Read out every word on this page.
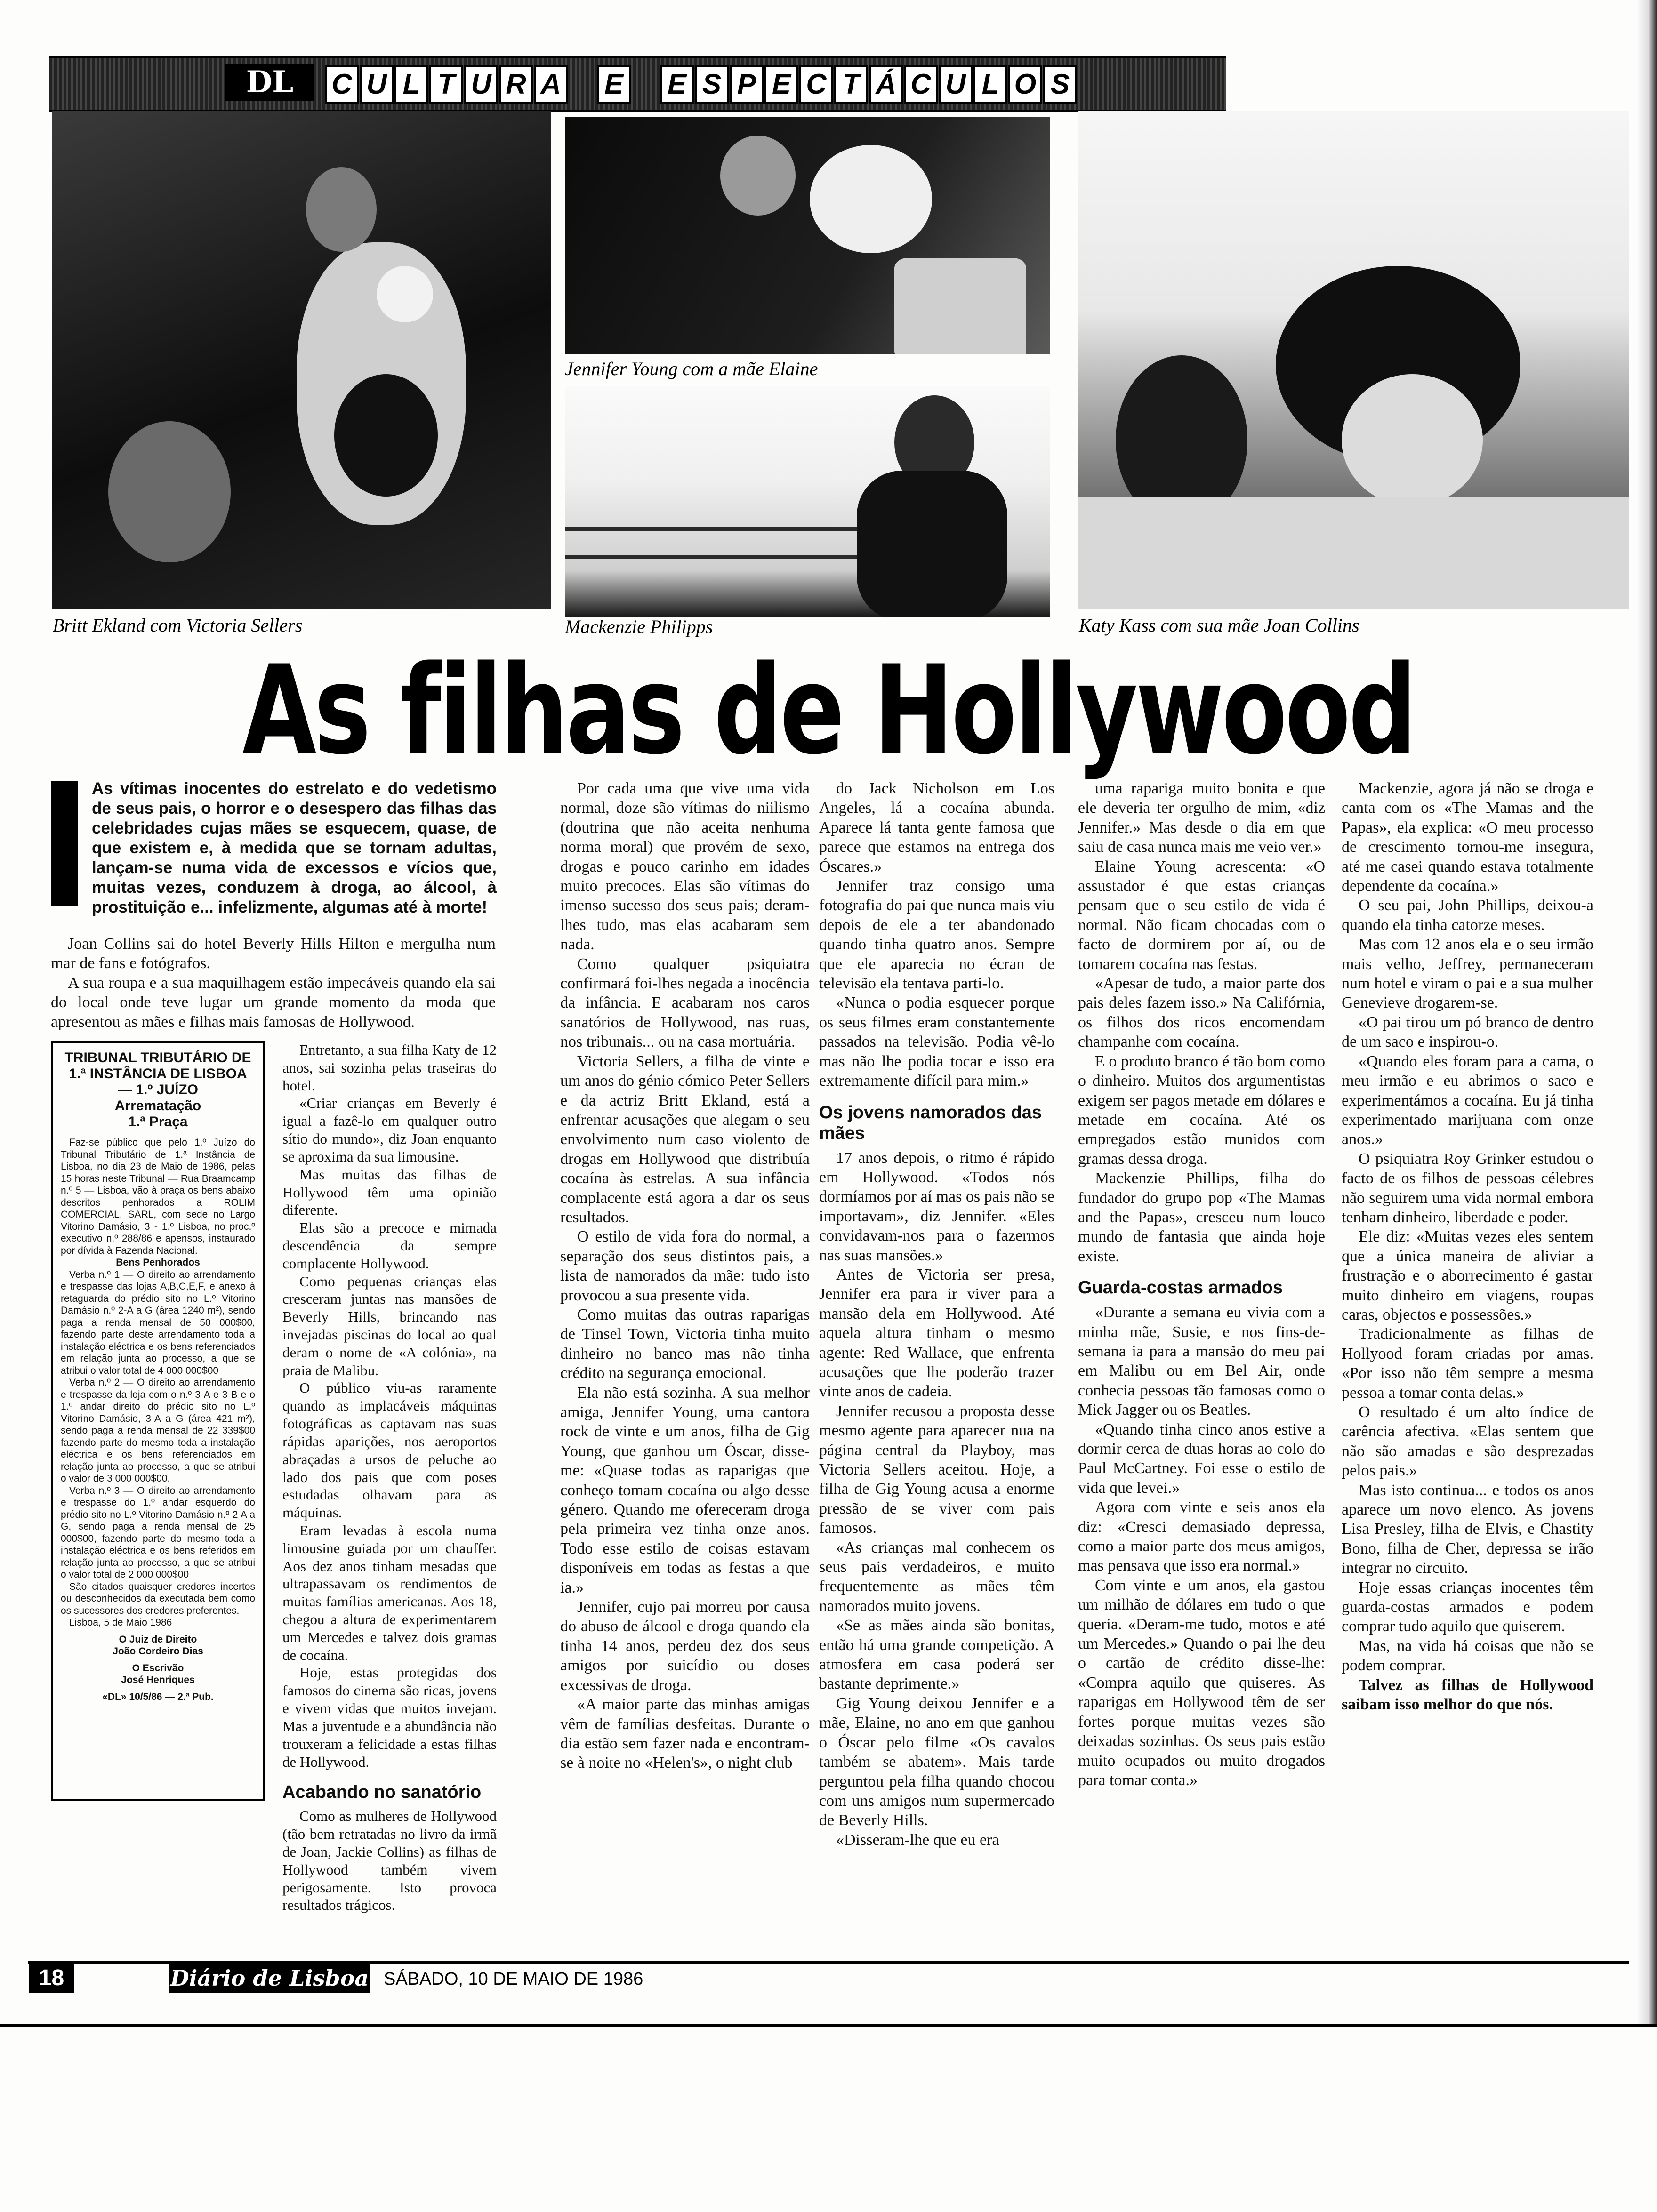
DL	C U L T U R A E E S P E C T Á C U L O S
Britt Ekland com Victoria Sellers
Jennifer Young com a mãe Elaine
Mackenzie Philipps	Katy Kass com sua mãe Joan Collins
As filhas de Hollywood
As vítimas inocentes do estrelato e do vedetismo de seus pais, o horror e o desespero das filhas das celebridades cujas mães se esquecem, quase, de que existem e, à medida que se tornam adultas, lançam-se numa vida de excessos e vícios que, muitas vezes, conduzem à droga, ao álcool, à prostituição e... infelizmente, algumas até à morte!

Joan Collins sai do hotel Beverly Hills Hilton e mergulha num mar de fans e fotógrafos.

A sua roupa e a sua maquilhagem estão impecáveis quando ela sai do local onde teve lugar um grande momento da moda que apresentou as mães e filhas mais famosas de Hollywood.

TRIBUNAL TRIBUTÁRIO DE 1.ª INSTÂNCIA DE LISBOA — 1.º JUÍZO
Arrematação
1.ª Praça

Faz-se público que pelo 1.º Juízo do Tribunal Tributário de 1.ª Instância de Lisboa, no dia 23 de Maio de 1986, pelas 15 horas neste Tribunal — Rua Braamcamp n.º 5 — Lisboa, vão à praça os bens abaixo descritos penhorados a ROLIM COMERCIAL, SARL, com sede no Largo Vitorino Damásio, 3 - 1.º Lisboa, no proc.º executivo n.º 288/86 e apensos, instaurado por dívida à Fazenda Nacional.

Bens Penhorados

Verba n.º 1 — O direito ao arrendamento e trespasse das lojas A,B,C,E,F, e anexo à retaguarda do prédio sito no L.º Vitorino Damásio n.º 2-A a G (área 1240 m²), sendo paga a renda mensal de 50 000$00, fazendo parte deste arrendamento toda a instalação eléctrica e os bens referenciados em relação junta ao processo, a que se atribui o valor total de 4 000 000$00

Verba n.º 2 — O direito ao arrendamento e trespasse da loja com o n.º 3-A e 3-B e o 1.º andar direito do prédio sito no L.º Vitorino Damásio, 3-A a G (área 421 m²), sendo paga a renda mensal de 22 339$00 fazendo parte do mesmo toda a instalação eléctrica e os bens referenciados em relação junta ao processo, a que se atribui o valor de 3 000 000$00.

Verba n.º 3 — O direito ao arrendamento e trespasse do 1.º andar esquerdo do prédio sito no L.º Vitorino Damásio n.º 2 A a G, sendo paga a renda mensal de 25 000$00, fazendo parte do mesmo toda a instalação eléctrica e os bens referidos em relação junta ao processo, a que se atribui o valor total de 2 000 000$00

São citados quaisquer credores incertos ou desconhecidos da executada bem como os sucessores dos credores preferentes.

Lisboa, 5 de Maio 1986

O Juiz de Direito

João Cordeiro Dias

O Escrivão

José Henriques

«DL» 10/5/86 — 2.ª Pub.

Entretanto, a sua filha Katy de 12 anos, sai sozinha pelas traseiras do hotel.

«Criar crianças em Beverly é igual a fazê-lo em qualquer outro sítio do mundo», diz Joan enquanto se aproxima da sua limousine.

Mas muitas das filhas de Hollywood têm uma opinião diferente.

Elas são a precoce e mimada descendência da sempre complacente Hollywood.

Como pequenas crianças elas cresceram juntas nas mansões de Beverly Hills, brincando nas invejadas piscinas do local ao qual deram o nome de «A colónia», na praia de Malibu.

O público viu-as raramente quando as implacáveis máquinas fotográficas as captavam nas suas rápidas aparições, nos aeroportos abraçadas a ursos de peluche ao lado dos pais que com poses estudadas olhavam para as máquinas.

Eram levadas à escola numa limousine guiada por um chauffer. Aos dez anos tinham mesadas que ultrapassavam os rendimentos de muitas famílias americanas. Aos 18, chegou a altura de experimentarem um Mercedes e talvez dois gramas de cocaína.

Hoje, estas protegidas dos famosos do cinema são ricas, jovens e vivem vidas que muitos invejam. Mas a juventude e a abundância não trouxeram a felicidade a estas filhas de Hollywood.

Acabando no sanatório

Como as mulheres de Hollywood (tão bem retratadas no livro da irmã de Joan, Jackie Collins) as filhas de Hollywood também vivem perigosamente. Isto provoca resultados trágicos.

Por cada uma que vive uma vida normal, doze são vítimas do niilismo (doutrina que não aceita nenhuma norma moral) que provém de sexo, drogas e pouco carinho em idades muito precoces. Elas são vítimas do imenso sucesso dos seus pais; deram-lhes tudo, mas elas acabaram sem nada.

Como qualquer psiquiatra confirmará foi-lhes negada a inocência da infância. E acabaram nos caros sanatórios de Hollywood, nas ruas, nos tribunais... ou na casa mortuária.

Victoria Sellers, a filha de vinte e um anos do génio cómico Peter Sellers e da actriz Britt Ekland, está a enfrentar acusações que alegam o seu envolvimento num caso violento de drogas em Hollywood que distribuía cocaína às estrelas. A sua infância complacente está agora a dar os seus resultados.

O estilo de vida fora do normal, a separação dos seus distintos pais, a lista de namorados da mãe: tudo isto provocou a sua presente vida.

Como muitas das outras raparigas de Tinsel Town, Victoria tinha muito dinheiro no banco mas não tinha crédito na segurança emocional.

Ela não está sozinha. A sua melhor amiga, Jennifer Young, uma cantora rock de vinte e um anos, filha de Gig Young, que ganhou um Óscar, disse-me: «Quase todas as raparigas que conheço tomam cocaína ou algo desse género. Quando me ofereceram droga pela primeira vez tinha onze anos. Todo esse estilo de coisas estavam disponíveis em todas as festas a que ia.»

Jennifer, cujo pai morreu por causa do abuso de álcool e droga quando ela tinha 14 anos, perdeu dez dos seus amigos por suicídio ou doses excessivas de droga.

«A maior parte das minhas amigas vêm de famílias desfeitas. Durante o dia estão sem fazer nada e encontram-se à noite no «Helen's», o night club

do Jack Nicholson em Los Angeles, lá a cocaína abunda. Aparece lá tanta gente famosa que parece que estamos na entrega dos Óscares.»

Jennifer traz consigo uma fotografia do pai que nunca mais viu depois de ele a ter abandonado quando tinha quatro anos. Sempre que ele aparecia no écran de televisão ela tentava parti-lo.

«Nunca o podia esquecer porque os seus filmes eram constantemente passados na televisão. Podia vê-lo mas não lhe podia tocar e isso era extremamente difícil para mim.»

Os jovens namorados das mães

17 anos depois, o ritmo é rápido em Hollywood. «Todos nós dormíamos por aí mas os pais não se importavam», diz Jennifer. «Eles convidavam-nos para o fazermos nas suas mansões.»

Antes de Victoria ser presa, Jennifer era para ir viver para a mansão dela em Hollywood. Até aquela altura tinham o mesmo agente: Red Wallace, que enfrenta acusações que lhe poderão trazer vinte anos de cadeia.

Jennifer recusou a proposta desse mesmo agente para aparecer nua na página central da Playboy, mas Victoria Sellers aceitou. Hoje, a filha de Gig Young acusa a enorme pressão de se viver com pais famosos.

«As crianças mal conhecem os seus pais verdadeiros, e muito frequentemente as mães têm namorados muito jovens.

«Se as mães ainda são bonitas, então há uma grande competição. A atmosfera em casa poderá ser bastante deprimente.»

Gig Young deixou Jennifer e a mãe, Elaine, no ano em que ganhou o Óscar pelo filme «Os cavalos também se abatem». Mais tarde perguntou pela filha quando chocou com uns amigos num supermercado de Beverly Hills.

«Disseram-lhe que eu era

uma rapariga muito bonita e que ele deveria ter orgulho de mim, «diz Jennifer.» Mas desde o dia em que saiu de casa nunca mais me veio ver.»

Elaine Young acrescenta: «O assustador é que estas crianças pensam que o seu estilo de vida é normal. Não ficam chocadas com o facto de dormirem por aí, ou de tomarem cocaína nas festas.

«Apesar de tudo, a maior parte dos pais deles fazem isso.» Na Califórnia, os filhos dos ricos encomendam champanhe com cocaína.

E o produto branco é tão bom como o dinheiro. Muitos dos argumentistas exigem ser pagos metade em dólares e metade em cocaína. Até os empregados estão munidos com gramas dessa droga.

Mackenzie Phillips, filha do fundador do grupo pop «The Mamas and the Papas», cresceu num louco mundo de fantasia que ainda hoje existe.

Guarda-costas armados

«Durante a semana eu vivia com a minha mãe, Susie, e nos fins-de-semana ia para a mansão do meu pai em Malibu ou em Bel Air, onde conhecia pessoas tão famosas como o Mick Jagger ou os Beatles.

«Quando tinha cinco anos estive a dormir cerca de duas horas ao colo do Paul McCartney. Foi esse o estilo de vida que levei.»

Agora com vinte e seis anos ela diz: «Cresci demasiado depressa, como a maior parte dos meus amigos, mas pensava que isso era normal.»

Com vinte e um anos, ela gastou um milhão de dólares em tudo o que queria. «Deram-me tudo, motos e até um Mercedes.» Quando o pai lhe deu o cartão de crédito disse-lhe: «Compra aquilo que quiseres. As raparigas em Hollywood têm de ser fortes porque muitas vezes são deixadas sozinhas. Os seus pais estão muito ocupados ou muito drogados para tomar conta.»

Mackenzie, agora já não se droga e canta com os «The Mamas and the Papas», ela explica: «O meu processo de crescimento tornou-me insegura, até me casei quando estava totalmente dependente da cocaína.»

O seu pai, John Phillips, deixou-a quando ela tinha catorze meses.

Mas com 12 anos ela e o seu irmão mais velho, Jeffrey, permaneceram num hotel e viram o pai e a sua mulher Genevieve drogarem-se.

«O pai tirou um pó branco de dentro de um saco e inspirou-o.

«Quando eles foram para a cama, o meu irmão e eu abrimos o saco e experimentámos a cocaína. Eu já tinha experimentado marijuana com onze anos.»

O psiquiatra Roy Grinker estudou o facto de os filhos de pessoas célebres não seguirem uma vida normal embora tenham dinheiro, liberdade e poder.

Ele diz: «Muitas vezes eles sentem que a única maneira de aliviar a frustração e o aborrecimento é gastar muito dinheiro em viagens, roupas caras, objectos e possessões.»

Tradicionalmente as filhas de Hollyood foram criadas por amas. «Por isso não têm sempre a mesma pessoa a tomar conta delas.»

O resultado é um alto índice de carência afectiva. «Elas sentem que não são amadas e são desprezadas pelos pais.»

Mas isto continua... e todos os anos aparece um novo elenco. As jovens Lisa Presley, filha de Elvis, e Chastity Bono, filha de Cher, depressa se irão integrar no circuito.

Hoje essas crianças inocentes têm guarda-costas armados e podem comprar tudo aquilo que quiserem.

Mas, na vida há coisas que não se podem comprar.

Talvez as filhas de Hollywood saibam isso melhor do que nós.

18	Diário de Lisboa SÁBADO, 10 DE MAIO DE 1986
